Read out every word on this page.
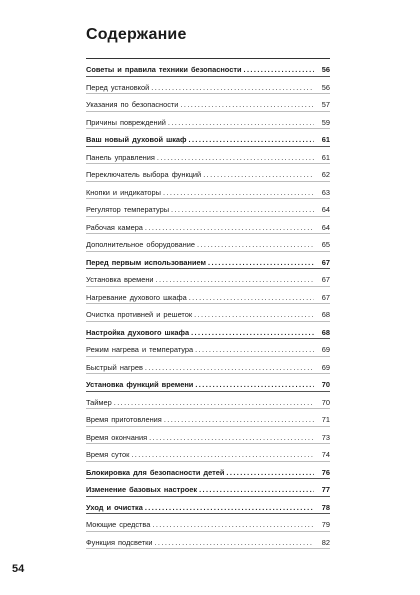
Содержание
Советы и правила техники безопасности .....	56
Перед установкой .....	56
Указания по безопасности .....	57
Причины повреждений .....	59
Ваш новый духовой шкаф .....	61
Панель управления .....	61
Переключатель выбора функций .....	62
Кнопки и индикаторы .....	63
Регулятор температуры .....	64
Рабочая камера .....	64
Дополнительное оборудование .....	65
Перед первым использованием .....	67
Установка времени .....	67
Нагревание духового шкафа .....	67
Очистка противней и решеток .....	68
Настройка духового шкафа .....	68
Режим нагрева и температура .....	69
Быстрый нагрев .....	69
Установка функций времени .....	70
Таймер .....	70
Время приготовления .....	71
Время окончания .....	73
Время суток .....	74
Блокировка для безопасности детей .....	76
Изменение базовых настроек .....	77
Уход и очистка .....	78
Моющие средства .....	79
Функция подсветки .....	82
54
